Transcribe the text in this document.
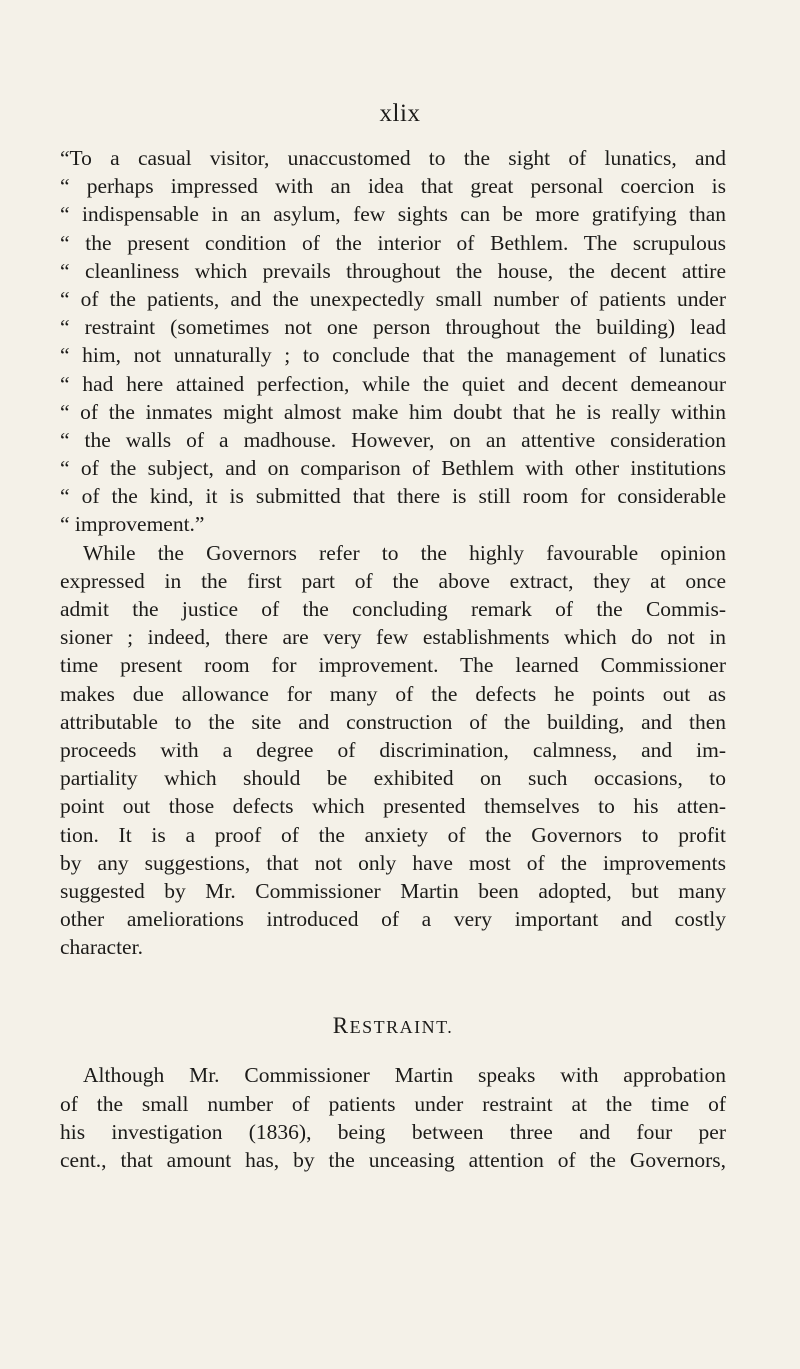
xlix
“To a casual visitor, unaccustomed to the sight of lunatics, and
“ perhaps impressed with an idea that great personal coercion is
“ indispensable in an asylum, few sights can be more gratifying than
“ the present condition of the interior of Bethlem. The scrupulous
“ cleanliness which prevails throughout the house, the decent attire
“ of the patients, and the unexpectedly small number of patients under
“ restraint (sometimes not one person throughout the building) lead
“ him, not unnaturally ; to conclude that the management of lunatics
“ had here attained perfection, while the quiet and decent demeanour
“ of the inmates might almost make him doubt that he is really within
“ the walls of a madhouse. However, on an attentive consideration
“ of the subject, and on comparison of Bethlem with other institutions
“ of the kind, it is submitted that there is still room for considerable
“ improvement.”
While the Governors refer to the highly favourable opinion
expressed in the first part of the above extract, they at once
admit the justice of the concluding remark of the Commis-
sioner ; indeed, there are very few establishments which do not in
time present room for improvement. The learned Commissioner
makes due allowance for many of the defects he points out as
attributable to the site and construction of the building, and then
proceeds with a degree of discrimination, calmness, and im-
partiality which should be exhibited on such occasions, to
point out those defects which presented themselves to his atten-
tion. It is a proof of the anxiety of the Governors to profit
by any suggestions, that not only have most of the improvements
suggested by Mr. Commissioner Martin been adopted, but many
other ameliorations introduced of a very important and costly
character.
RESTRAINT.
Although Mr. Commissioner Martin speaks with approbation
of the small number of patients under restraint at the time of
his investigation (1836), being between three and four per
cent., that amount has, by the unceasing attention of the Governors,
